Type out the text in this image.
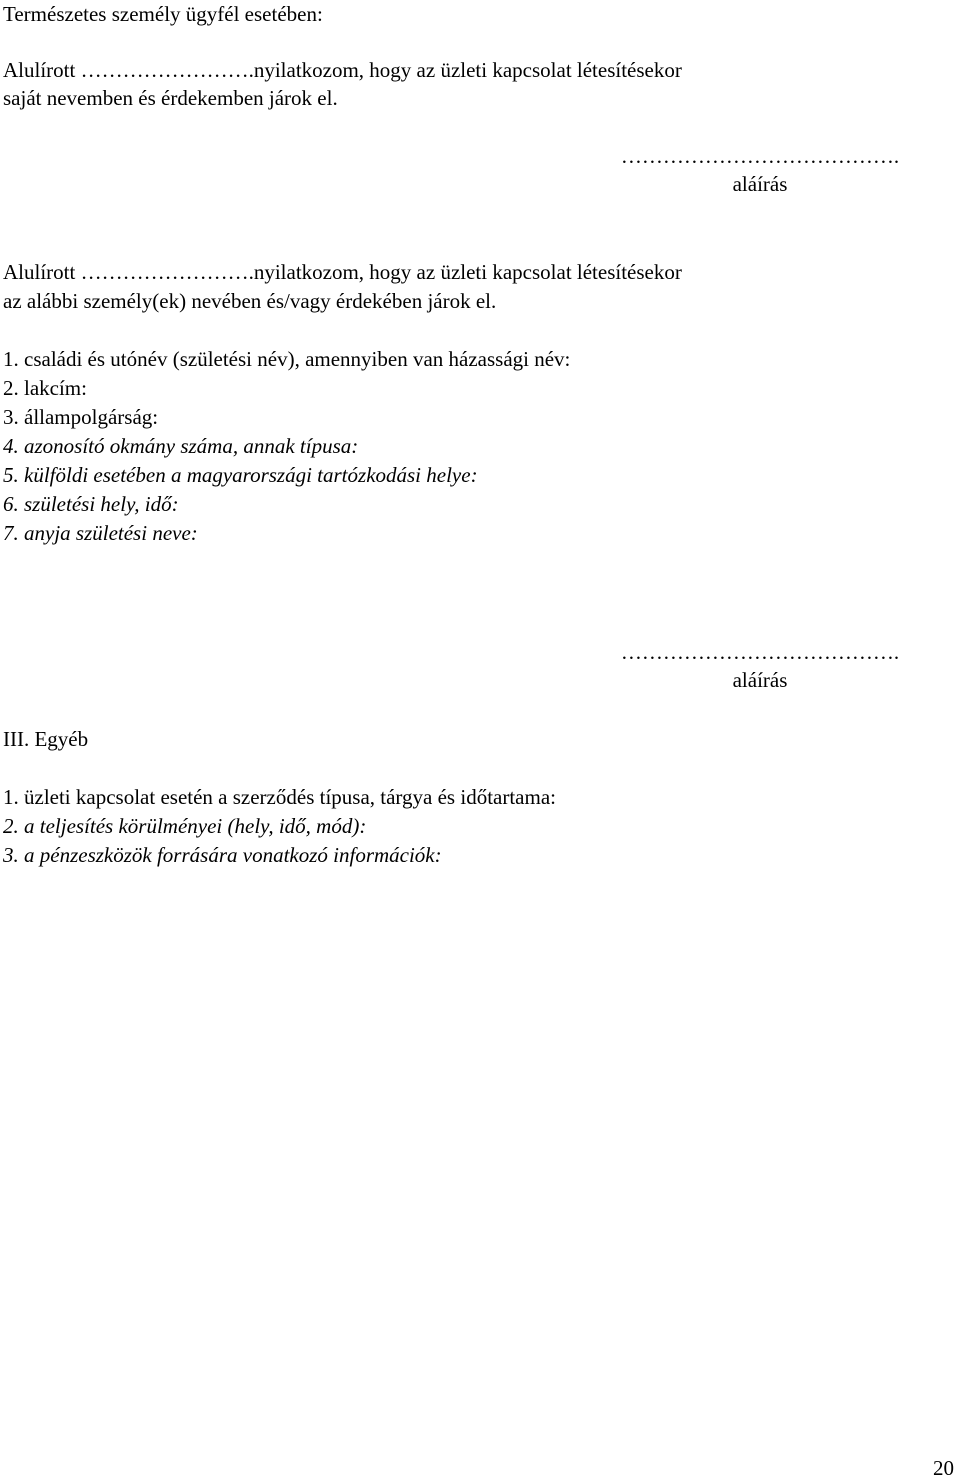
Természetes személy ügyfél esetében:
Alulírott …………………….nyilatkozom, hogy az üzleti kapcsolat létesítésekor
saját nevemben és érdekemben járok el.
………………………………….
aláírás
Alulírott …………………….nyilatkozom, hogy az üzleti kapcsolat létesítésekor
az alábbi személy(ek) nevében és/vagy érdekében járok el.
1. családi és utónév (születési név), amennyiben van házassági név:
2. lakcím:
3. állampolgárság:
4. azonosító okmány száma, annak típusa:
5. külföldi esetében a magyarországi tartózkodási helye:
6. születési hely, idő:
7. anyja születési neve:
………………………………….
aláírás
III. Egyéb
1. üzleti kapcsolat esetén a szerződés típusa, tárgya és időtartama:
2. a teljesítés körülményei (hely, idő, mód):
3. a pénzeszközök forrására vonatkozó információk:
20
